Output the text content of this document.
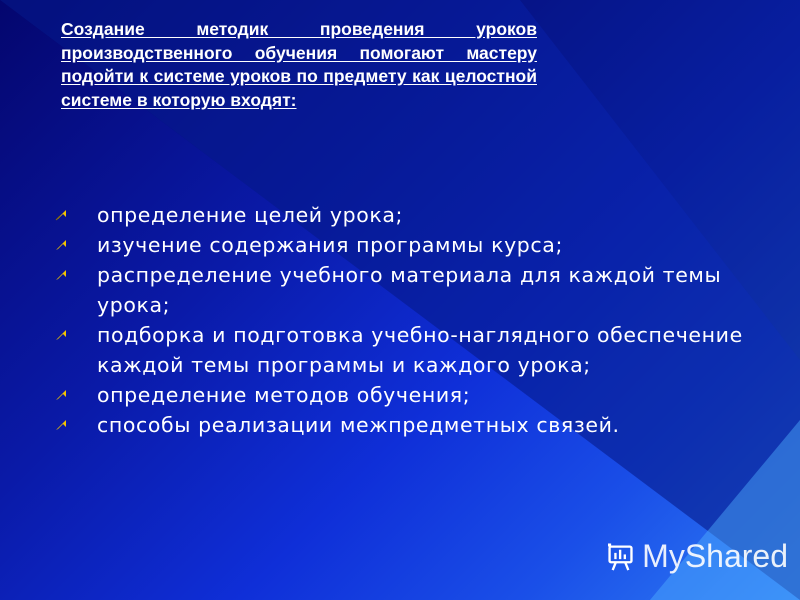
Создание методик проведения уроков производственного обучения помогают мастеру подойти к системе уроков по предмету как целостной системе в которую входят:
определение целей урока;
изучение содержания программы курса;
распределение учебного материала для каждой темы урока;
подборка и подготовка учебно-наглядного обеспечение каждой темы программы и каждого урока;
определение методов обучения;
способы реализации межпредметных связей.
MyShared
